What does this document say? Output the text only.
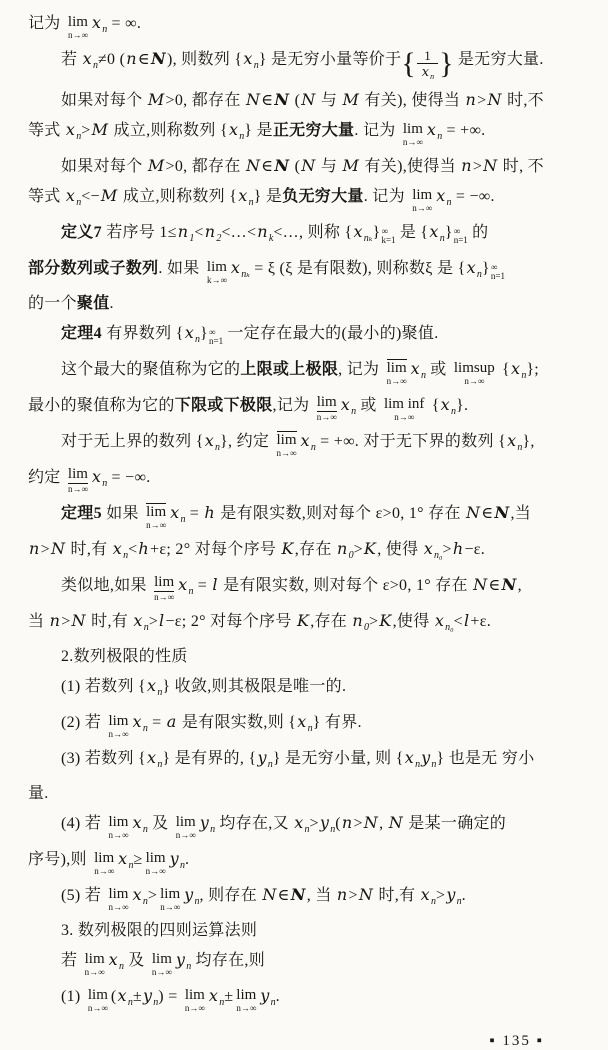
记为 lim
n→∞
$x_n$ = ∞.
若 $x_n\ne 0$ (n∈N), 则数列 $\{x_n\}$ 是无穷小量等价于{ $\frac{1}{x_n}$ } 是无穷大量.
如果对每个 M>0, 都存在 N∈N (N 与 M 有关), 使得当 n>N 时,不
等式 $x_n>M$ 成立,则称数列 $\{x_n\}$ 是正无穷大量. 记为 lim
n→∞
$x_n$ = +∞.
如果对每个 M>0, 都存在 N∈N (N 与 M 有关),使得当 n>N 时, 不
等式 $x_n<-M$ 成立,则称数列 $\{x_n\}$ 是负无穷大量. 记为 lim
n→∞
$x_n$ = −∞.
定义7 若序号 $1\le n_1<n_2<\dots<n_k<\dots$, 则称 $\{x_{n_k}\}$ ∞
k=1 是 $\{x_n\}$ ∞
n=1 的
部分数列或子数列. 如果 lim
k→∞
$x_{n_k} = \xi$ (ξ 是有限数), 则称数ξ 是 $\{x_n\}$ ∞
n=1
的一个聚值.
定理4 有界数列 $\{x_n\}$ ∞
n=1 一定存在最大的(最小的)聚值.
这个最大的聚值称为它的上限或上极限, 记为 lim
n→∞
$x_n$ 或 limsup
n→∞
$\{x_n\}$;
最小的聚值称为它的下限或下极限,记为 lim
n→∞
$x_n$ 或 lim inf
n→∞
$\{x_n\}$.
对于无上界的数列 $\{x_n\}$, 约定 lim
n→∞
$x_n$ = +∞. 对于无下界的数列 $\{x_n\}$,
约定 lim
n→∞
$x_n$ = −∞.
定理5 如果 lim
n→∞
$x_n = h$ 是有限实数,则对每个 ε>0, 1° 存在 N∈N,当
n>N 时,有 $x_n<h+\varepsilon$; 2° 对每个序号 K,存在 $n_0>K$, 使得 $x_{n_0}>h-\varepsilon$.
类似地,如果 lim
n→∞
$x_n = l$ 是有限实数, 则对每个 ε>0, 1° 存在 N∈N,
当 n>N 时,有 $x_n>l-\varepsilon$; 2° 对每个序号 K,存在 $n_0>K$,使得 $x_{n_0}<l+\varepsilon$.
2.数列极限的性质
(1) 若数列 $\{x_n\}$ 收敛,则其极限是唯一的.
(2) 若 lim
n→∞
$x_n = a$ 是有限实数,则 $\{x_n\}$ 有界.
(3) 若数列 $\{x_n\}$ 是有界的, $\{y_n\}$ 是无穷小量, 则 $\{x_ny_n\}$ 也是无 穷小
量.
(4) 若 lim
n→∞
$x_n$ 及 lim
n→∞
$y_n$ 均存在,又 $x_n>y_n(n>N$, N 是某一确定的
序号),则 lim
n→∞
$x_n\ge \lim$
n→∞
$y_n$.
(5) 若 lim
n→∞
$x_n> \lim$
n→∞
$y_n$, 则存在 N∈N, 当 n>N 时,有 $x_n>y_n$.
3. 数列极限的四则运算法则
若 lim
n→∞
$x_n$ 及 lim
n→∞
$y_n$ 均存在,则
(1) lim
n→∞
$(x_n\pm y_n) = \lim$
n→∞
$x_n\pm \lim$
n→∞
$y_n$.
▪ 135 ▪
